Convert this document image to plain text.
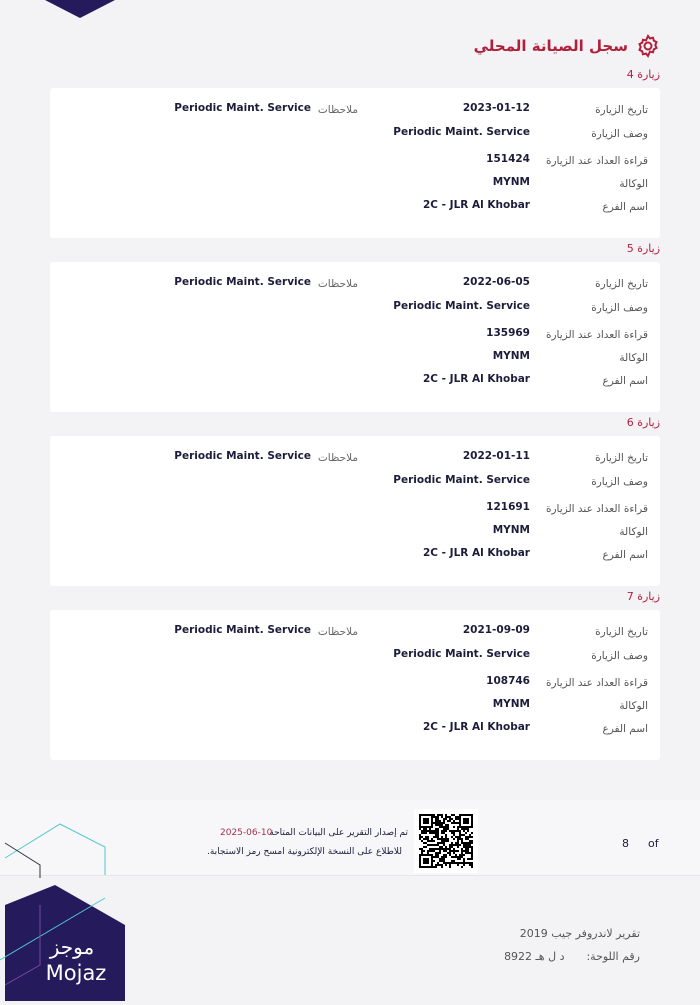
سجل الصيانة المحلي
زيارة 4
تاريخ الزيارة
2023-01-12
وصف الزيارة
Periodic Maint. Service
قراءة العداد عند الزيارة
151424
الوكالة
MYNM
اسم الفرع
2C - JLR Al Khobar
ملاحظات
Periodic Maint. Service
زيارة 5
تاريخ الزيارة
2022-06-05
وصف الزيارة
Periodic Maint. Service
قراءة العداد عند الزيارة
135969
الوكالة
MYNM
اسم الفرع
2C - JLR Al Khobar
ملاحظات
Periodic Maint. Service
زيارة 6
تاريخ الزيارة
2022-01-11
وصف الزيارة
Periodic Maint. Service
قراءة العداد عند الزيارة
121691
الوكالة
MYNM
اسم الفرع
2C - JLR Al Khobar
ملاحظات
Periodic Maint. Service
زيارة 7
تاريخ الزيارة
2021-09-09
وصف الزيارة
Periodic Maint. Service
قراءة العداد عند الزيارة
108746
الوكالة
MYNM
اسم الفرع
2C - JLR Al Khobar
ملاحظات
Periodic Maint. Service
تم إصدار التقرير على البيانات المتاحة
2025-06-10
للاطلاع على النسخة الإلكترونية امسح رمز الاستجابة.
8 of
موجز
Mojaz
تقرير لاندروفر جيب 2019
رقم اللوحة:د ل هـ 8922
